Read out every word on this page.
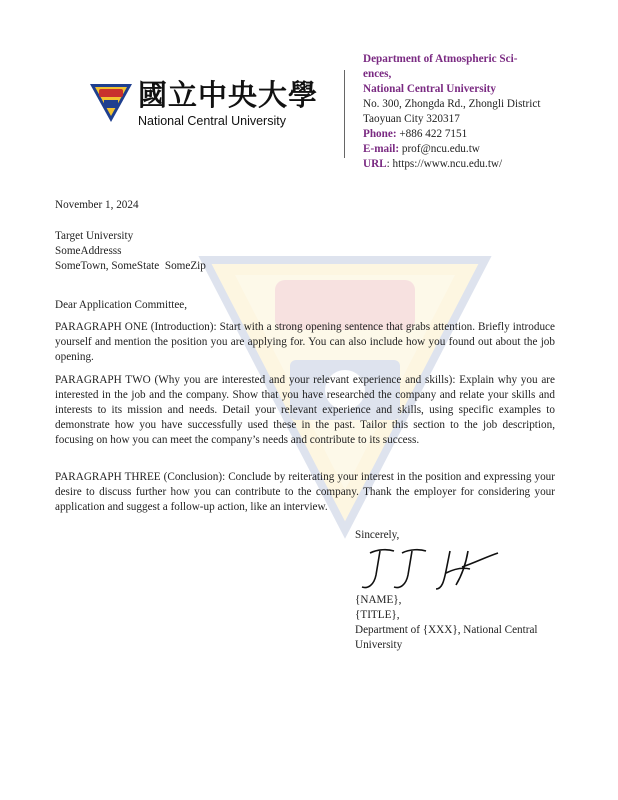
國立中央大學
National Central University
Department of Atmospheric Sci-
ences,
National Central University
No. 300, Zhongda Rd., Zhongli District
Taoyuan City 320317
Phone: +886 422 7151
E-mail: prof@ncu.edu.tw
URL: https://www.ncu.edu.tw/
November 1, 2024
Target University
SomeAddresss
SomeTown, SomeState  SomeZip
Dear Application Committee,
PARAGRAPH ONE (Introduction): Start with a strong opening sentence that grabs attention. Briefly introduce yourself and mention the position you are applying for. You can also include how you found out about the job opening.
PARAGRAPH TWO (Why you are interested and your relevant experience and skills): Explain why you are interested in the job and the company. Show that you have researched the company and relate your skills and interests to its mission and needs. Detail your relevant experience and skills, using specific examples to demonstrate how you have successfully used these in the past. Tailor this section to the job description, focusing on how you can meet the company’s needs and contribute to its success.
PARAGRAPH THREE (Conclusion): Conclude by reiterating your interest in the position and expressing your desire to discuss further how you can contribute to the company. Thank the employer for considering your application and suggest a follow-up action, like an interview.
Sincerely,
{NAME},
{TITLE},
Department of {XXX}, National Central University
